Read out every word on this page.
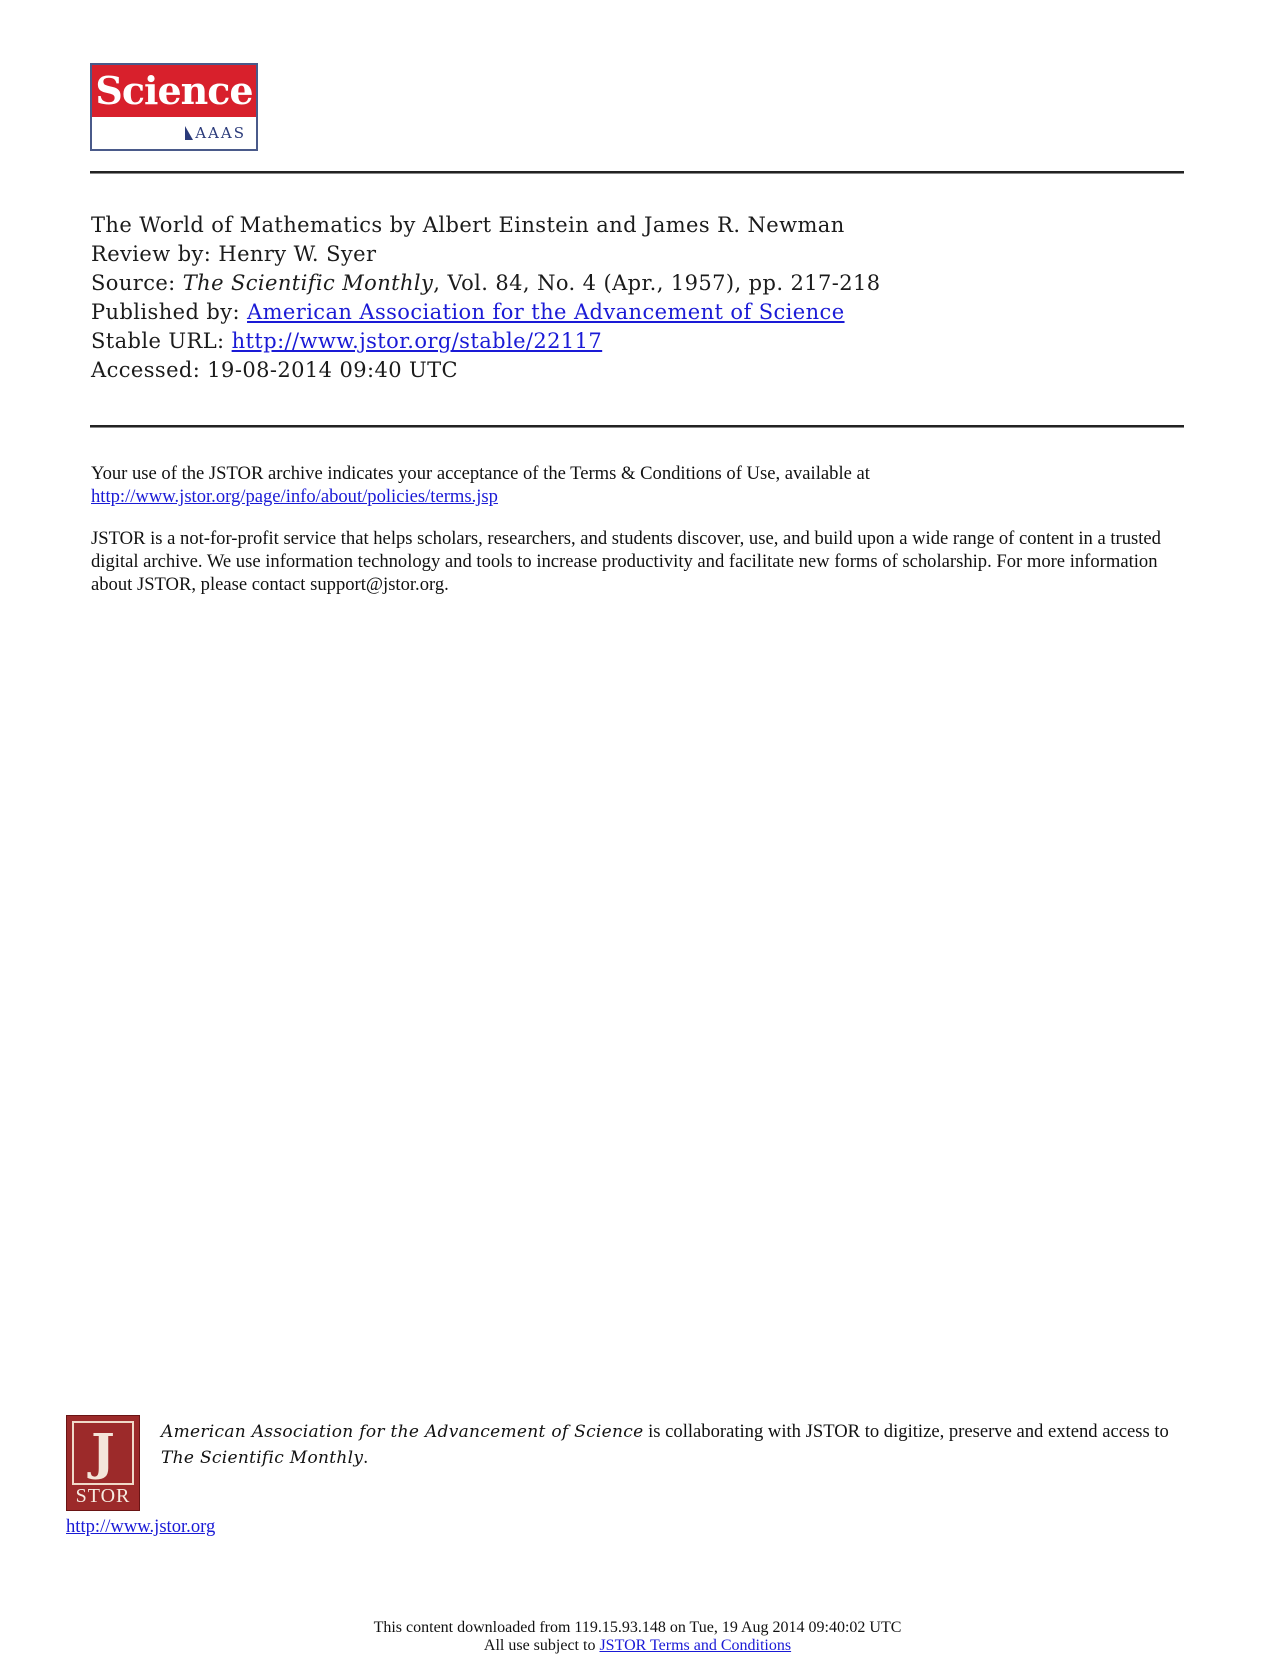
Science
AAAS
The World of Mathematics by Albert Einstein and James R. Newman
Review by: Henry W. Syer
Source: The Scientific Monthly, Vol. 84, No. 4 (Apr., 1957), pp. 217-218
Published by: American Association for the Advancement of Science
Stable URL: http://www.jstor.org/stable/22117
Accessed: 19-08-2014 09:40 UTC

Your use of the JSTOR archive indicates your acceptance of the Terms & Conditions of Use, available at
http://www.jstor.org/page/info/about/policies/terms.jsp

JSTOR is a not-for-profit service that helps scholars, researchers, and students discover, use, and build upon a wide range of content in a trusted digital archive. We use information technology and tools to increase productivity and facilitate new forms of scholarship. For more information about JSTOR, please contact support@jstor.org.

J
STOR
American Association for the Advancement of Science is collaborating with JSTOR to digitize, preserve and extend access to
The Scientific Monthly.
http://www.jstor.org
This content downloaded from 119.15.93.148 on Tue, 19 Aug 2014 09:40:02 UTC
All use subject to JSTOR Terms and Conditions
